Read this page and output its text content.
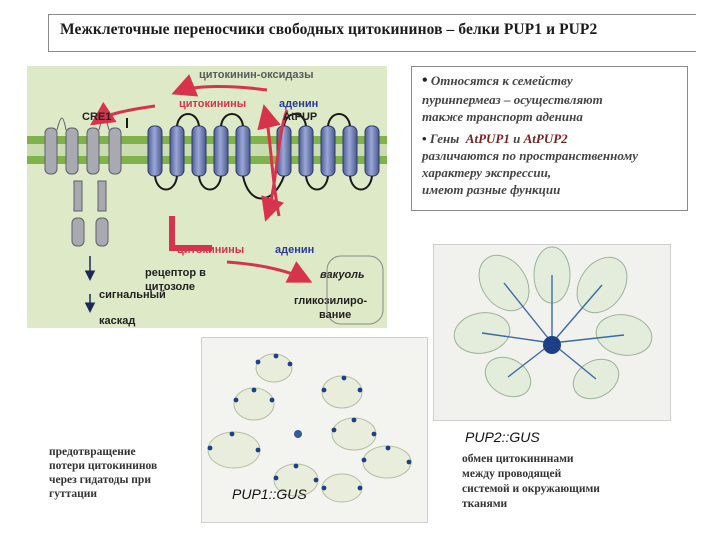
Межклеточные переносчики свободных цитокининов – белки PUP1 и PUP2
цитокинин-оксидазы
цитокинины	аденин
CRE1	AtPUP
цитокинины	аденин
рецептор в
цитозоле
вакуоль
гликозилиро-
вание
сигнальный
каскад
• Относятся к семейству
пуринпермеаз – осуществляют
также транспорт аденина
• Гены AtPUP1 и AtPUP2
различаются по пространственному
характеру экспрессии,
имеют разные функции
PUP2::GUS
PUP1::GUS
предотвращение
потери цитокининов
через гидатоды при
гуттации
обмен цитокининами
между проводящей
системой и окружающими
тканями
